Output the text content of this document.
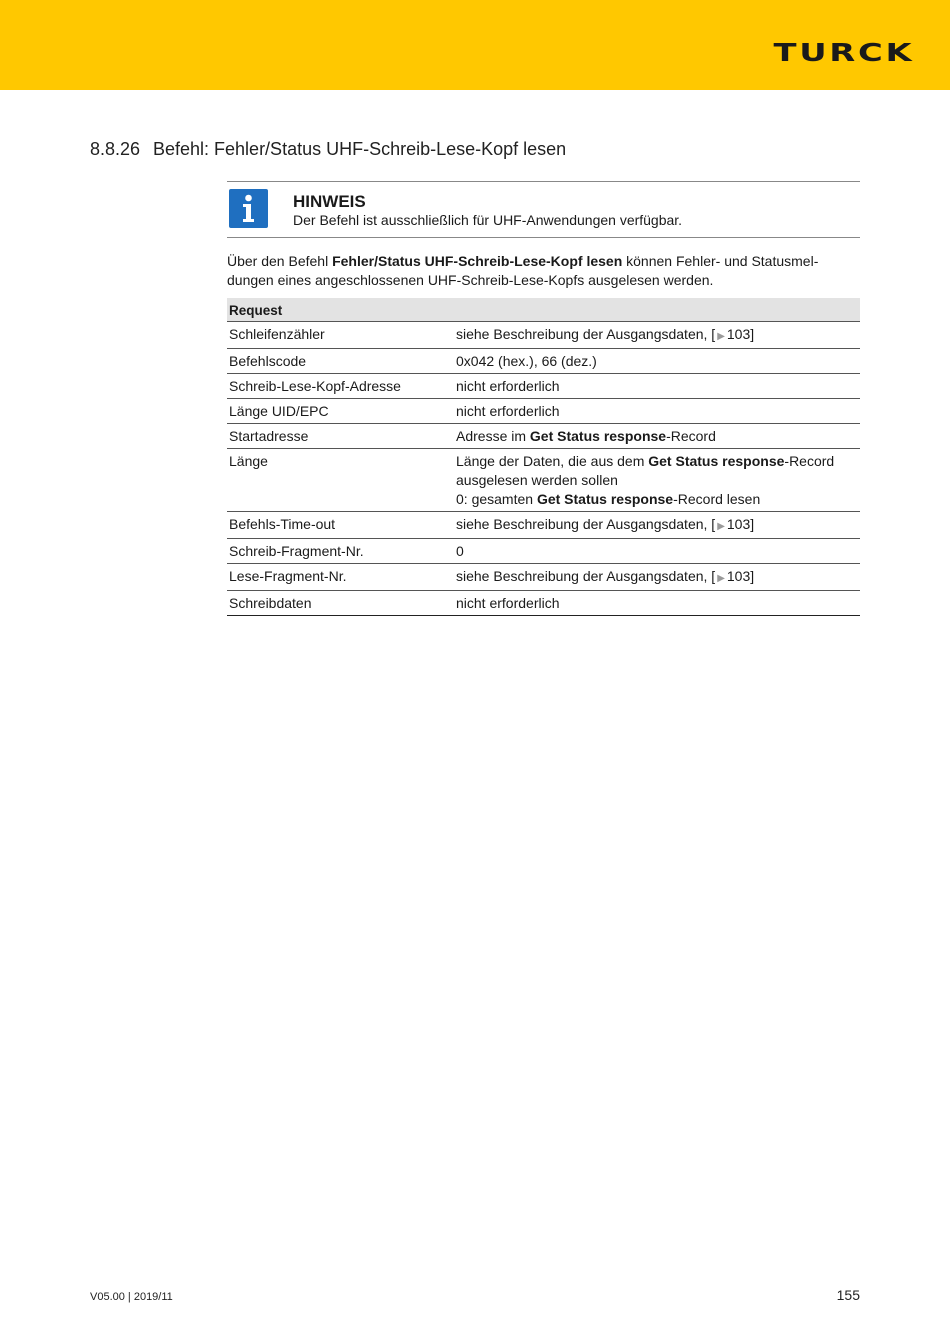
TURCK
8.8.26 Befehl: Fehler/Status UHF-Schreib-Lese-Kopf lesen
HINWEIS
Der Befehl ist ausschließlich für UHF-Anwendungen verfügbar.
Über den Befehl Fehler/Status UHF-Schreib-Lese-Kopf lesen können Fehler- und Statusmel-
dungen eines angeschlossenen UHF-Schreib-Lese-Kopfs ausgelesen werden.
Request	
Schleifenzähler	siehe Beschreibung der Ausgangsdaten, [ ▶ 103]
Befehlscode	0x042 (hex.), 66 (dez.)
Schreib-Lese-Kopf-Adresse	nicht erforderlich
Länge UID/EPC	nicht erforderlich
Startadresse	Adresse im Get Status response-Record
Länge	Länge der Daten, die aus dem Get Status response-Record
ausgelesen werden sollen
0: gesamten Get Status response-Record lesen
Befehls-Time-out	siehe Beschreibung der Ausgangsdaten, [ ▶ 103]
Schreib-Fragment-Nr.	0
Lese-Fragment-Nr.	siehe Beschreibung der Ausgangsdaten, [ ▶ 103]
Schreibdaten	nicht erforderlich
V05.00 | 2019/11	155
